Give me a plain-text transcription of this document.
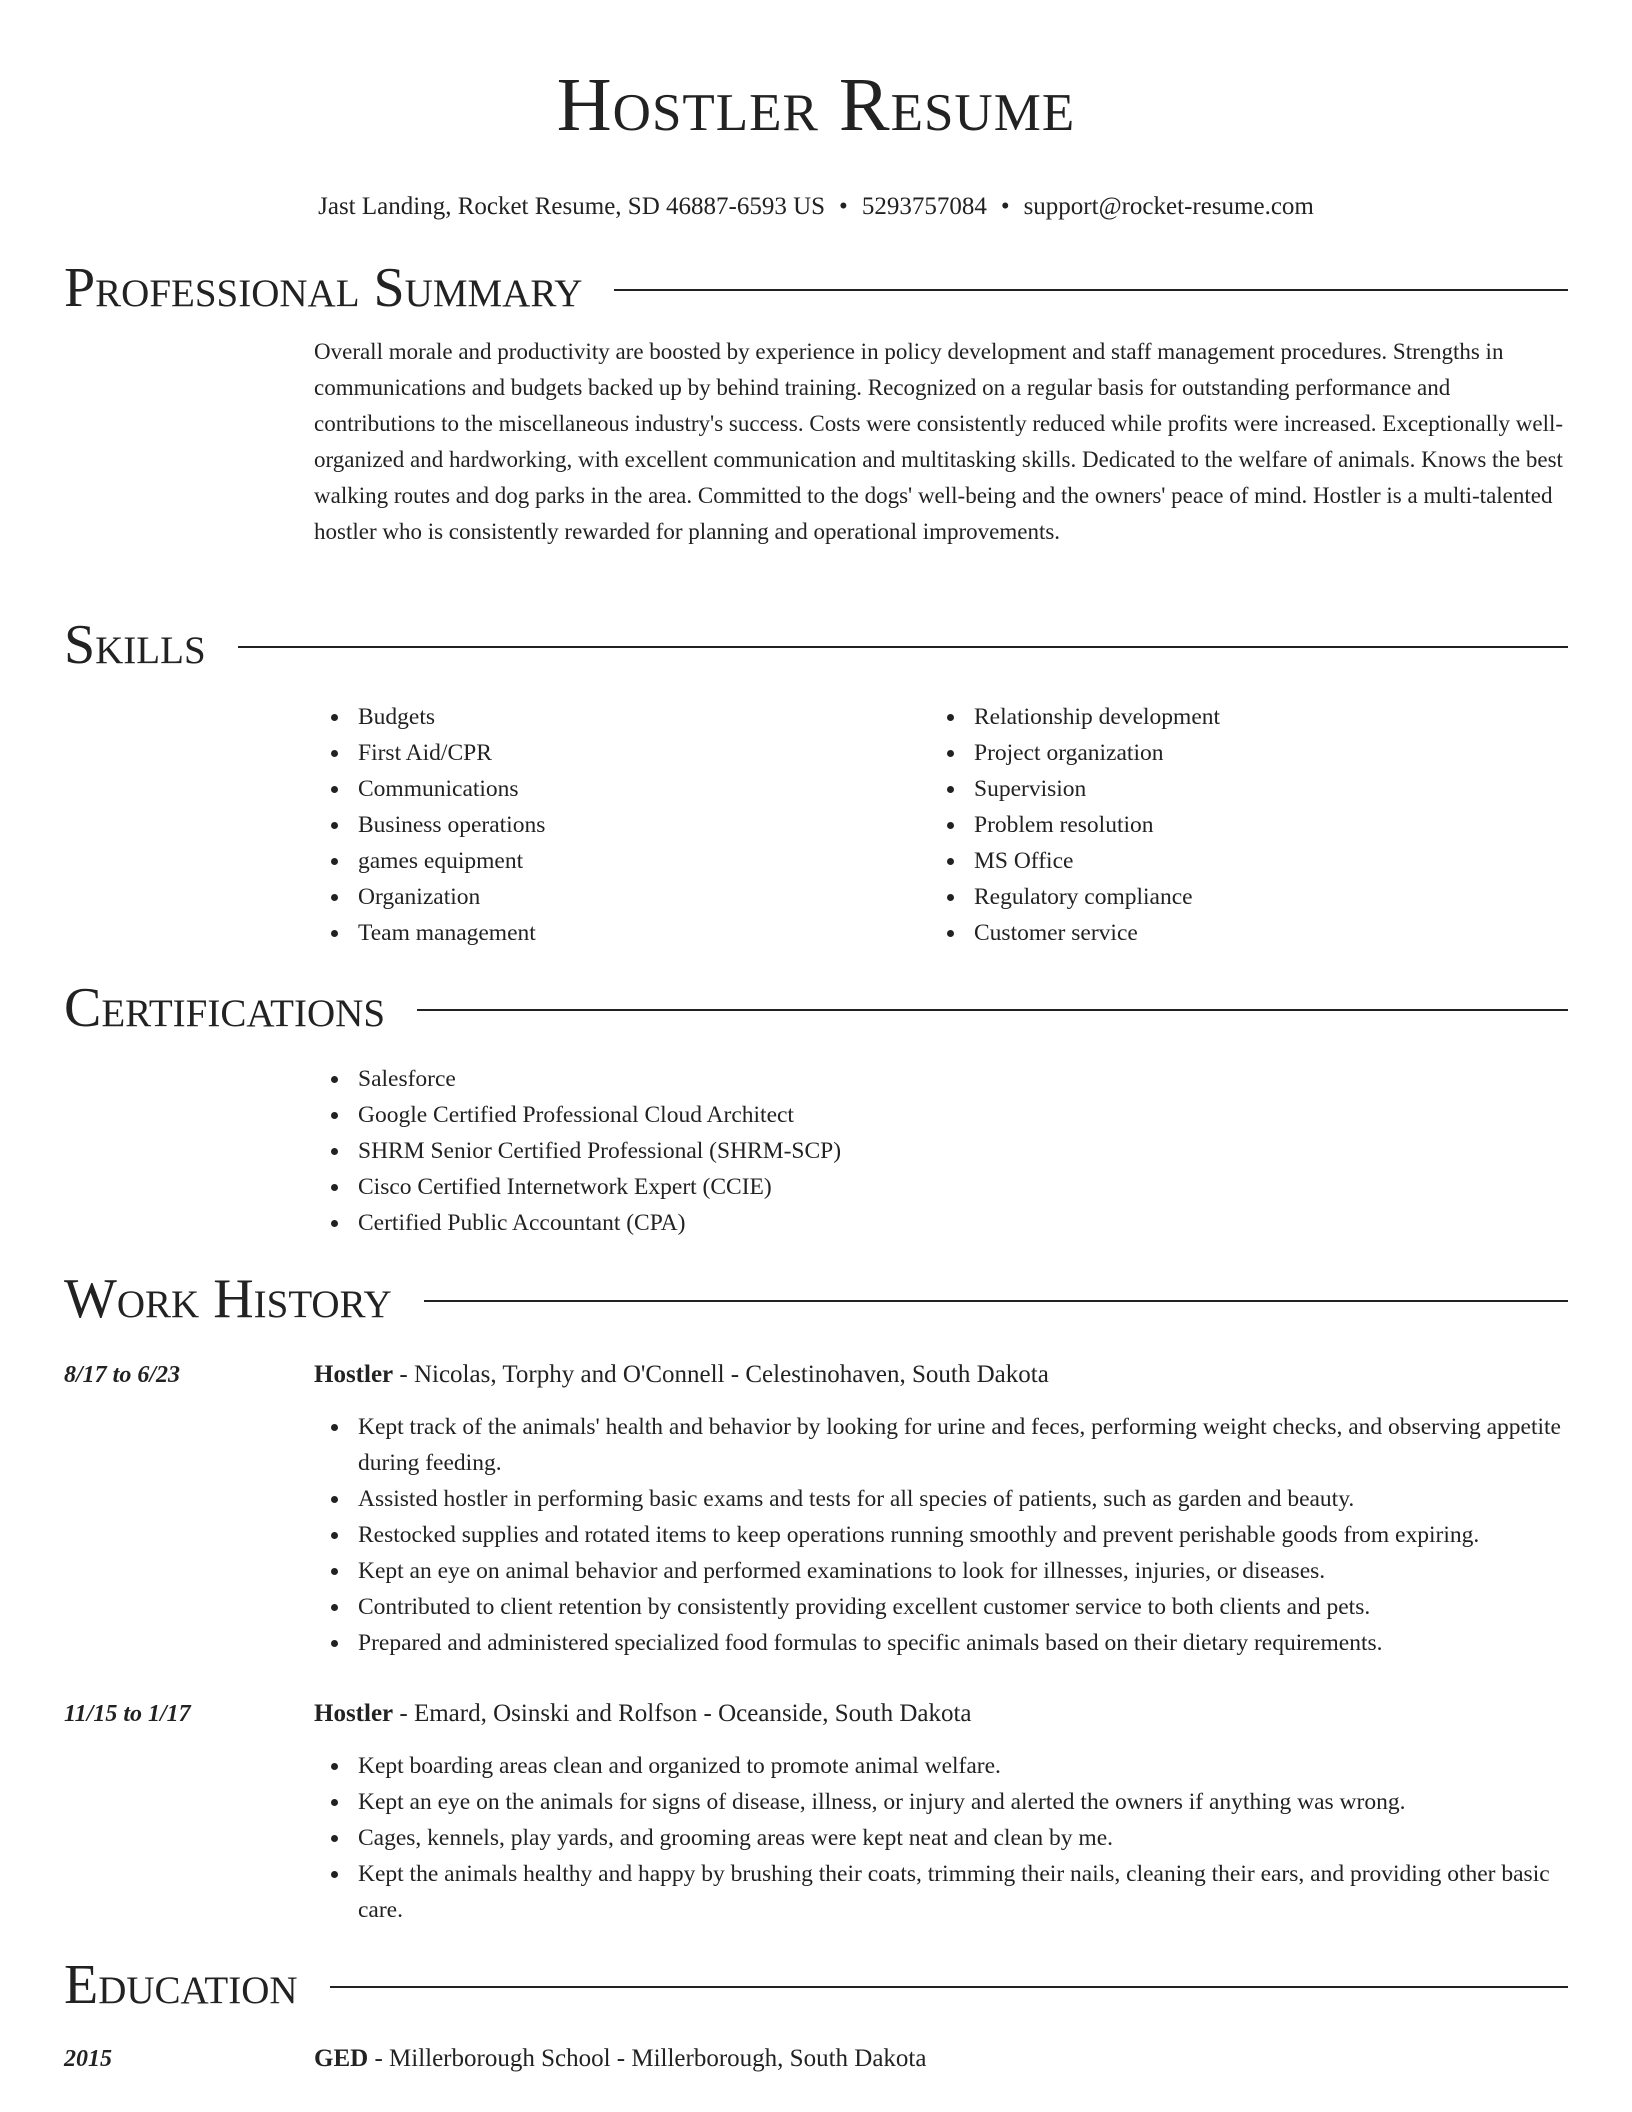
Hostler Resume
Jast Landing, Rocket Resume, SD 46887-6593 US • 5293757084 • support@rocket-resume.com
Professional Summary
Overall morale and productivity are boosted by experience in policy development and staff management procedures. Strengths in communications and budgets backed up by behind training. Recognized on a regular basis for outstanding performance and contributions to the miscellaneous industry's success. Costs were consistently reduced while profits were increased. Exceptionally well-organized and hardworking, with excellent communication and multitasking skills. Dedicated to the welfare of animals. Knows the best walking routes and dog parks in the area. Committed to the dogs' well-being and the owners' peace of mind. Hostler is a multi-talented hostler who is consistently rewarded for planning and operational improvements.
Skills
Budgets
First Aid/CPR
Communications
Business operations
games equipment
Organization
Team management
Relationship development
Project organization
Supervision
Problem resolution
MS Office
Regulatory compliance
Customer service
Certifications
Salesforce
Google Certified Professional Cloud Architect
SHRM Senior Certified Professional (SHRM-SCP)
Cisco Certified Internetwork Expert (CCIE)
Certified Public Accountant (CPA)
Work History
8/17 to 6/23	Hostler - Nicolas, Torphy and O'Connell - Celestinohaven, South Dakota
Kept track of the animals' health and behavior by looking for urine and feces, performing weight checks, and observing appetite during feeding.
Assisted hostler in performing basic exams and tests for all species of patients, such as garden and beauty.
Restocked supplies and rotated items to keep operations running smoothly and prevent perishable goods from expiring.
Kept an eye on animal behavior and performed examinations to look for illnesses, injuries, or diseases.
Contributed to client retention by consistently providing excellent customer service to both clients and pets.
Prepared and administered specialized food formulas to specific animals based on their dietary requirements.
11/15 to 1/17	Hostler - Emard, Osinski and Rolfson - Oceanside, South Dakota
Kept boarding areas clean and organized to promote animal welfare.
Kept an eye on the animals for signs of disease, illness, or injury and alerted the owners if anything was wrong.
Cages, kennels, play yards, and grooming areas were kept neat and clean by me.
Kept the animals healthy and happy by brushing their coats, trimming their nails, cleaning their ears, and providing other basic care.
Education
2015	GED - Millerborough School - Millerborough, South Dakota
